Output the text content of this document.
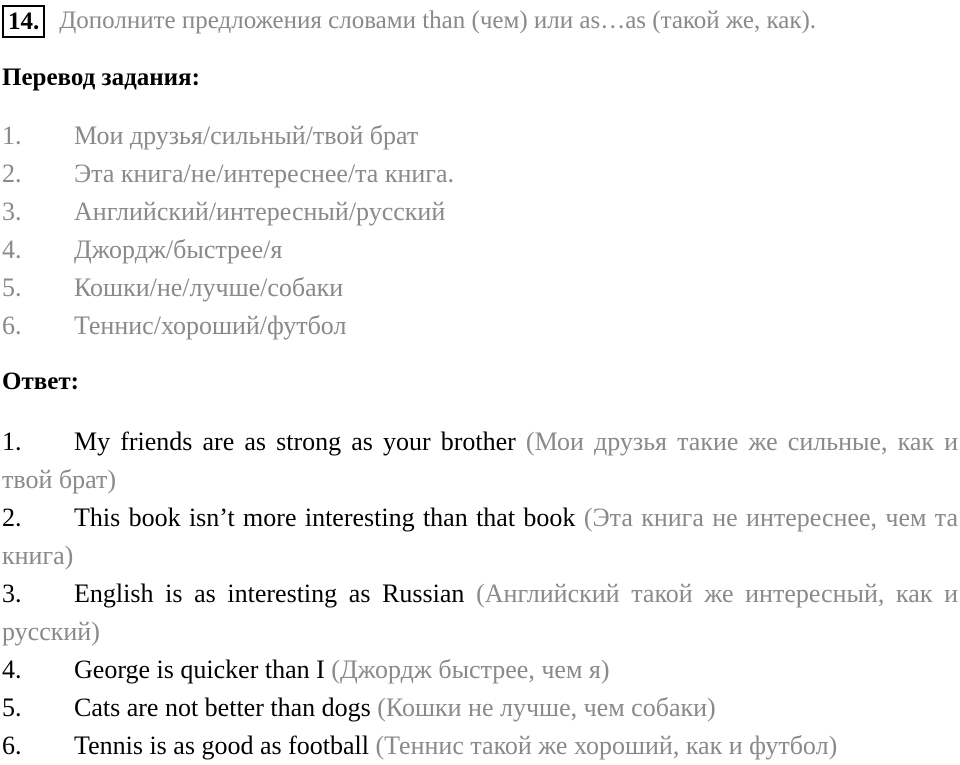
14. Дополните предложения словами than (чем) или as…as (такой же, как).
Перевод задания:
1.	Мои друзья/сильный/твой брат
2.	Эта книга/не/интереснее/та книга.
3.	Английский/интересный/русский
4.	Джордж/быстрее/я
5.	Кошки/не/лучше/собаки
6.	Теннис/хороший/футбол
Ответ:
1. My friends are as strong as your brother (Мои друзья такие же сильные, как и твой брат)
2. This book isn’t more interesting than that book (Эта книга не интереснее, чем та книга)
3. English is as interesting as Russian (Английский такой же интересный, как и русский)
4. George is quicker than I (Джордж быстрее, чем я)
5. Cats are not better than dogs (Кошки не лучше, чем собаки)
6. Tennis is as good as football (Теннис такой же хороший, как и футбол)
